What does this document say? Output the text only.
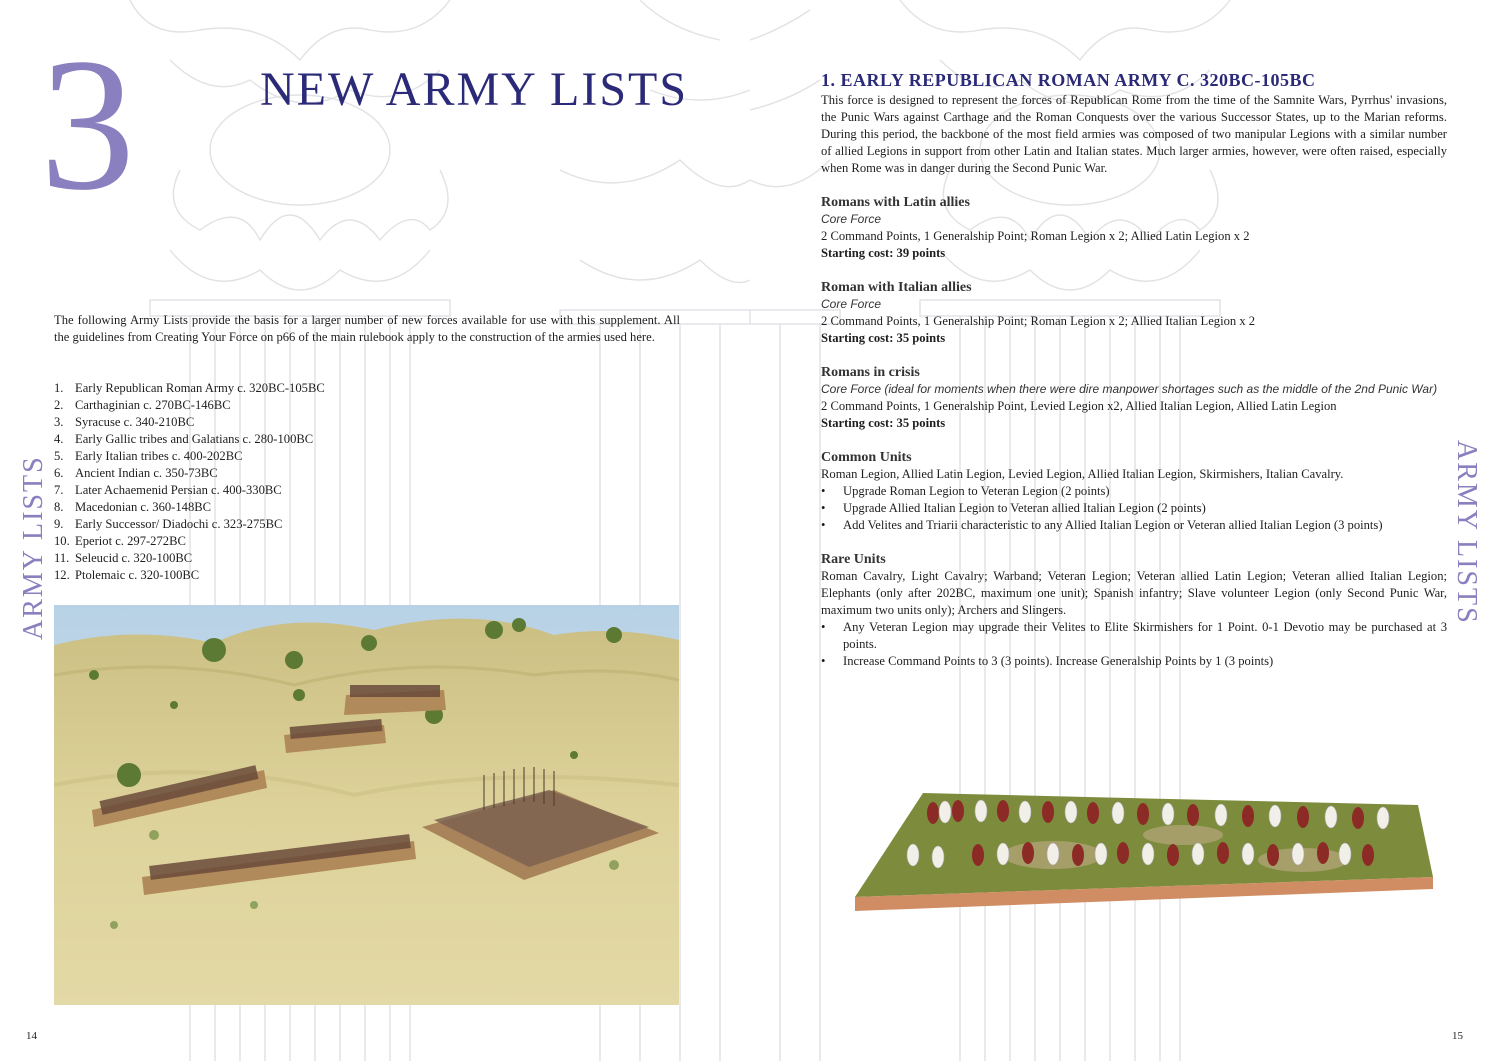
3	NEW ARMY LISTS

The following Army Lists provide the basis for a larger number of new forces available for use with this supplement. All the guidelines from Creating Your Force on p66 of the main rulebook apply to the construction of the armies used here.

1. Early Republican Roman Army c. 320BC-105BC
2. Carthaginian c. 270BC-146BC
3. Syracuse c. 340-210BC
4. Early Gallic tribes and Galatians c. 280-100BC
5. Early Italian tribes c. 400-202BC
6. Ancient Indian c. 350-73BC
7. Later Achaemenid Persian c. 400-330BC
8. Macedonian c. 360-148BC
9. Early Successor/ Diadochi c. 323-275BC
10. Eperiot c. 297-272BC
11. Seleucid c. 320-100BC
12. Ptolemaic c. 320-100BC
ARMY LISTS
14	15
1. EARLY REPUBLICAN ROMAN ARMY C. 320BC-105BC

This force is designed to represent the forces of Republican Rome from the time of the Samnite Wars, Pyrrhus' invasions, the Punic Wars against Carthage and the Roman Conquests over the various Successor States, up to the Marian reforms. During this period, the backbone of the most field armies was composed of two manipular Legions with a similar number of allied Legions in support from other Latin and Italian states. Much larger armies, however, were often raised, especially when Rome was in danger during the Second Punic War.

Romans with Latin allies

Core Force

2 Command Points, 1 Generalship Point; Roman Legion x 2; Allied Latin Legion x 2

Starting cost: 39 points

Roman with Italian allies

Core Force

2 Command Points, 1 Generalship Point; Roman Legion x 2; Allied Italian Legion x 2

Starting cost: 35 points

Romans in crisis

Core Force (ideal for moments when there were dire manpower shortages such as the middle of the 2nd Punic War)

2 Command Points, 1 Generalship Point, Levied Legion x2, Allied Italian Legion, Allied Latin Legion

Starting cost: 35 points

Common Units

Roman Legion, Allied Latin Legion, Levied Legion, Allied Italian Legion, Skirmishers, Italian Cavalry.

• Upgrade Roman Legion to Veteran Legion (2 points)
• Upgrade Allied Italian Legion to Veteran allied Italian Legion (2 points)
• Add Velites and Triarii characteristic to any Allied Italian Legion or Veteran allied Italian Legion (3 points)

Rare Units

Roman Cavalry, Light Cavalry; Warband; Veteran Legion; Veteran allied Latin Legion; Veteran allied Italian Legion; Elephants (only after 202BC, maximum one unit); Spanish infantry; Slave volunteer Legion (only Second Punic War, maximum two units only); Archers and Slingers.

• Any Veteran Legion may upgrade their Velites to Elite Skirmishers for 1 Point. 0-1 Devotio may be purchased at 3 points.
• Increase Command Points to 3 (3 points). Increase Generalship Points by 1 (3 points)
ARMY LISTS
